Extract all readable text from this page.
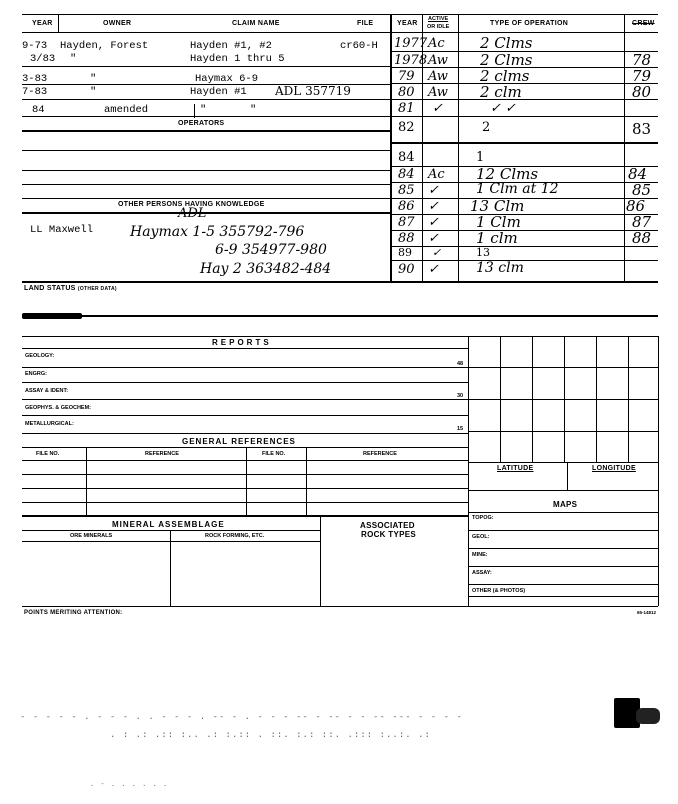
YEAR	OWNER	CLAIM NAME	FILE	YEAR
ACTIVE
OR IDLE	TYPE OF OPERATION	CREW
9-73 Hayden, Forest	Hayden #1, #2	cr60-H
3/83 "	Hayden 1 thru 5
3-83	"	Haymax 6-9
7-83	"	Hayden #1 ADL 357719
84	amended	"	"
OPERATORS
OTHER PERSONS HAVING KNOWLEDGE
LL Maxwell
ADL
Haymax 1-5 355792-796
6-9 354977-980
Hay 2 363482-484
1977 Ac 2 Clms
1978 Aw 2 Clms	78
79 Aw 2 clms	79
80 Aw 2 clm	80
81 ✓	✓ ✓
82	2	83
84	1
84 Ac 12 Clms	84
85 ✓	1 Clm at 12	85
86 ✓ 13 Clm	86
87 ✓ 1 Clm	87
88 ✓ 1 clm	88
89 ✓	13
90 ✓	13 clm
LAND STATUS (OTHER DATA)
REPORTS
GEOLOGY:
48
ENGRG:
ASSAY & IDENT:
30
GEOPHYS. & GEOCHEM:
METALLURGICAL:
15
GENERAL REFERENCES
FILE NO.	REFERENCE	FILE NO.	REFERENCE
MINERAL ASSEMBLAGE
ORE MINERALS	ROCK FORMING, ETC.
ASSOCIATED
ROCK TYPES
LATITUDE	LONGITUDE
MAPS
TOPOG:
GEOL:
MINE:
ASSAY:
OTHER (& PHOTOS)
POINTS MERITING ATTENTION:	65-14812
- - - - - . - - - . . - - - . -- - . - - - -- - -- - - -- --- - - - -
. : .: .:: :.. .: :.:: . ::. :.: ::. .::: :..:. .:
. - . . . . . .
